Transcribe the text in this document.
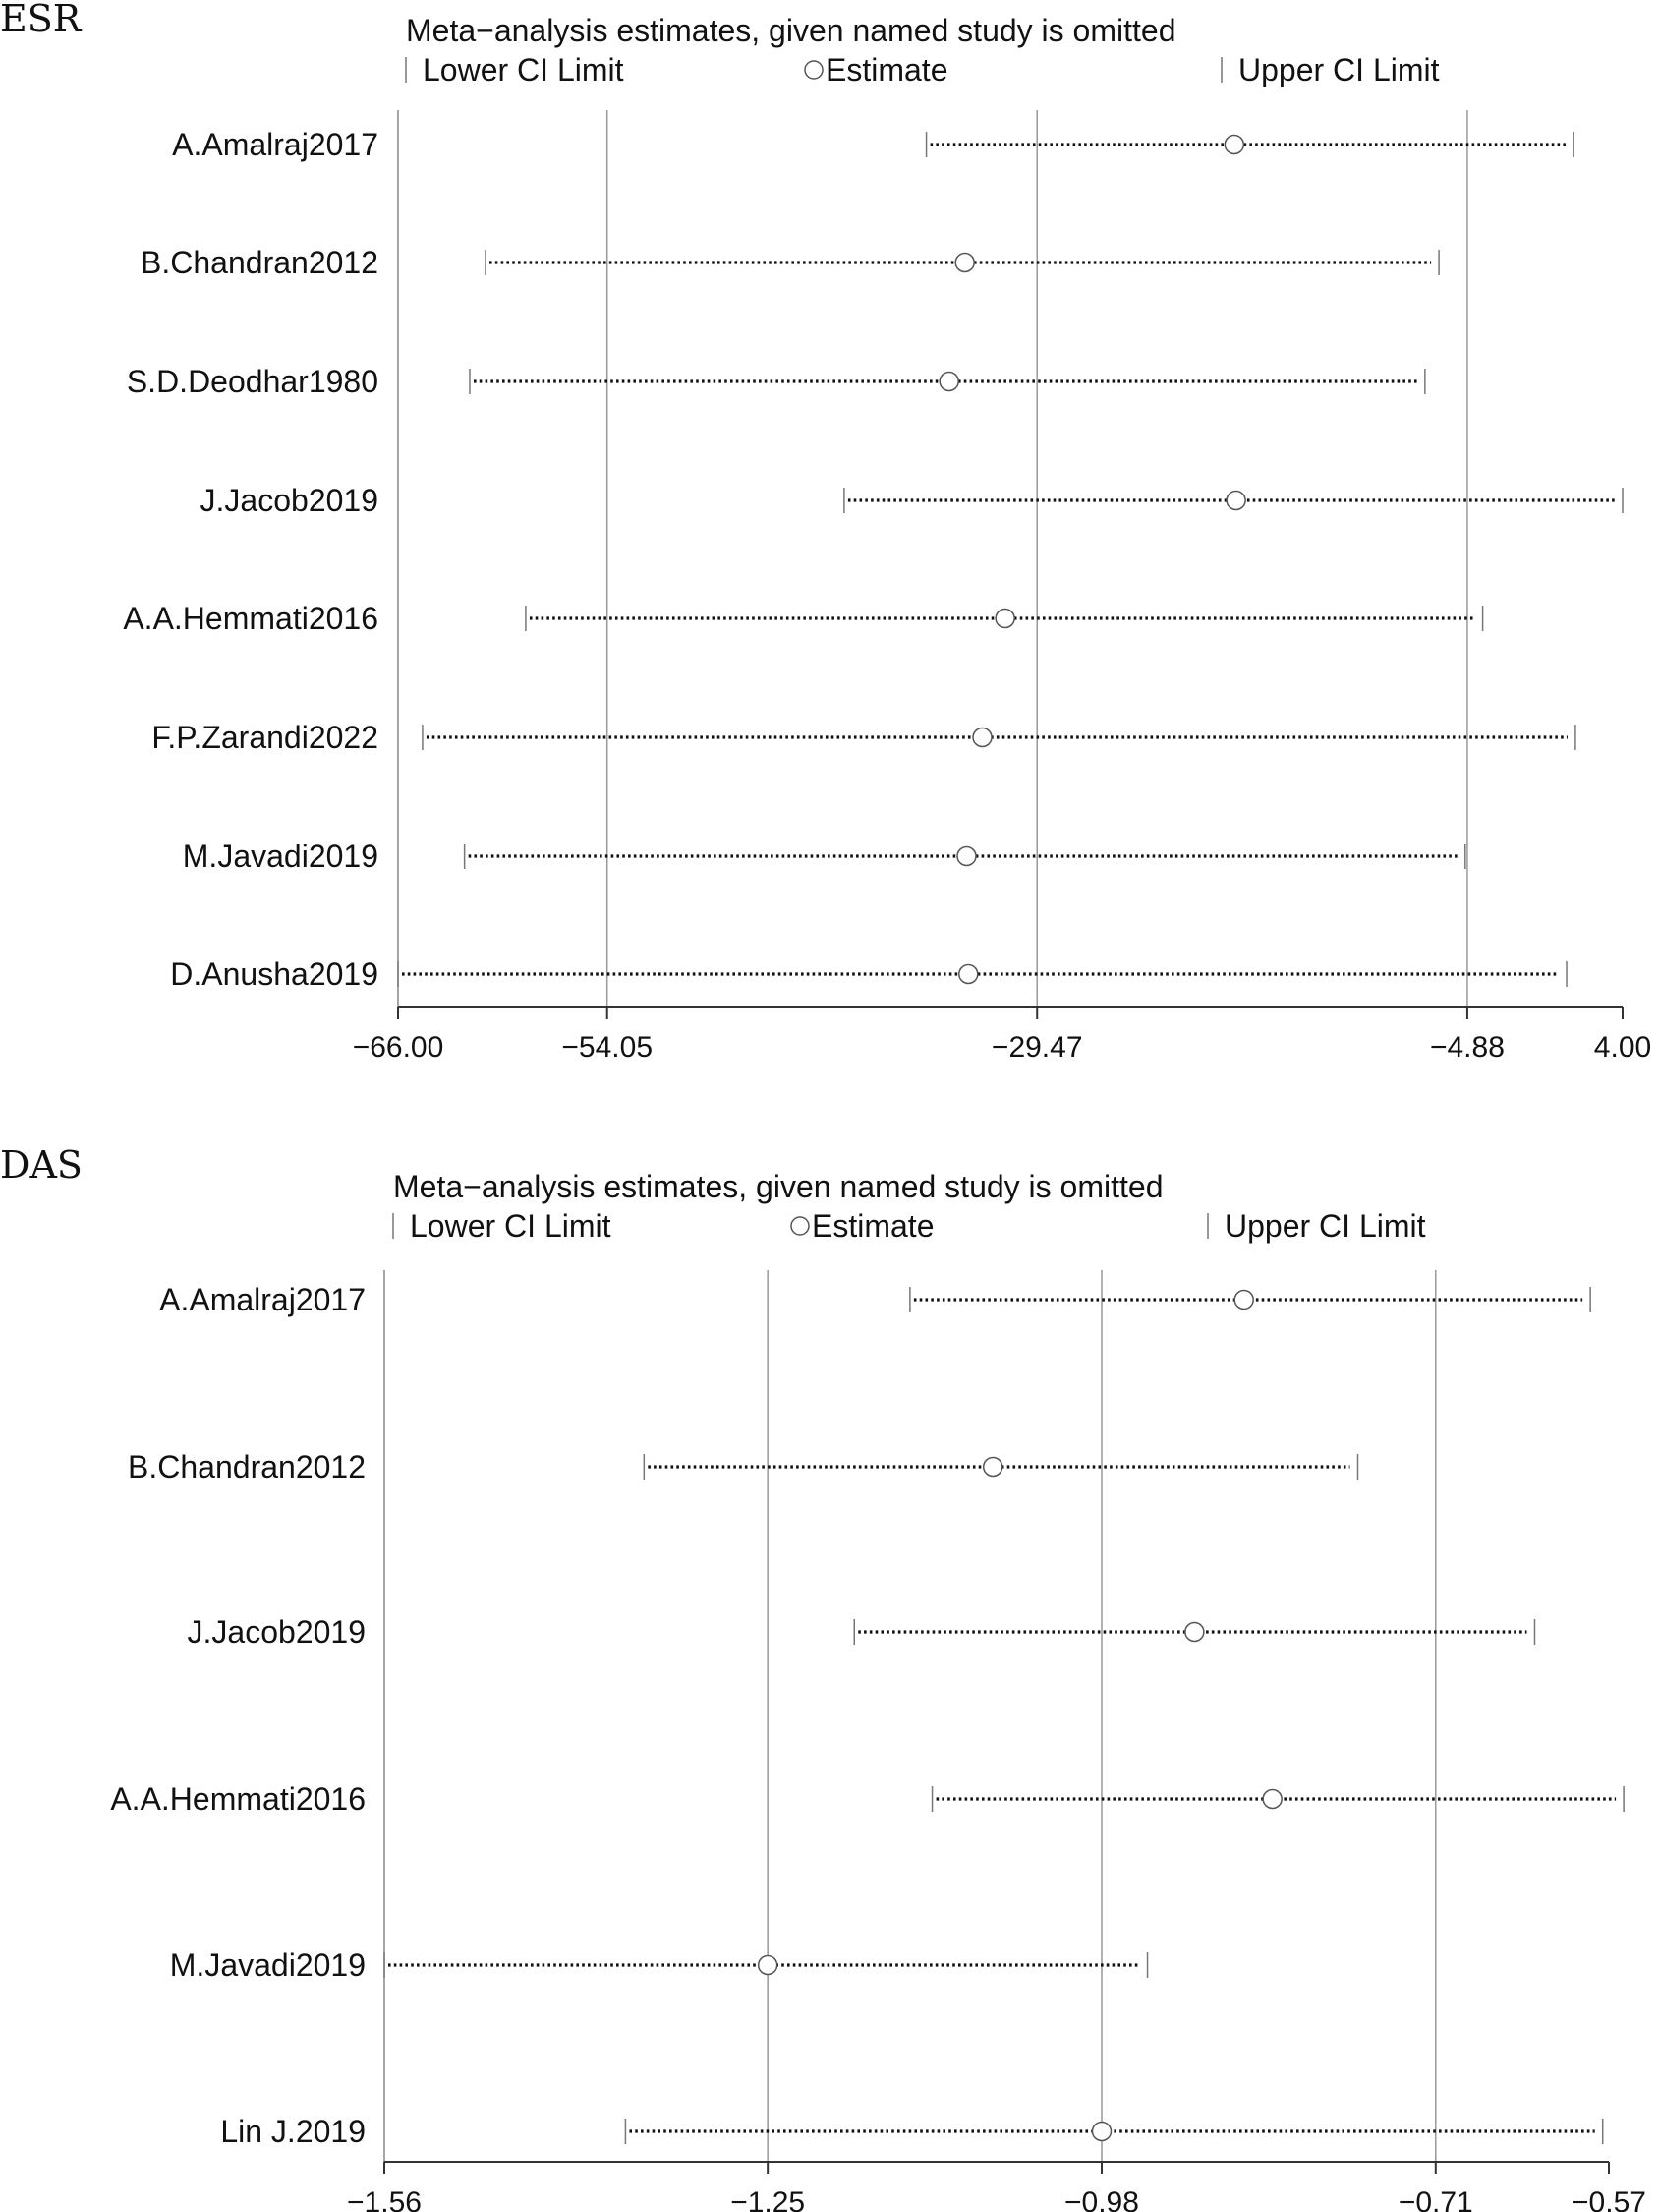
ESR	Meta−analysis estimates, given named study is omitted
Lower CI Limit	Estimate	Upper CI Limit
−66.00	−54.05	−29.47	−4.88	4.00
A.Amalraj2017
B.Chandran2012
S.D.Deodhar1980
J.Jacob2019
A.A.Hemmati2016
F.P.Zarandi2022
M.Javadi2019
D.Anusha2019
DAS	Meta−analysis estimates, given named study is omitted
Lower CI Limit	Estimate	Upper CI Limit
−1.56	−1.25	−0.98	−0.71	−0.57
A.Amalraj2017
B.Chandran2012
J.Jacob2019
A.A.Hemmati2016
M.Javadi2019
Lin J.2019
